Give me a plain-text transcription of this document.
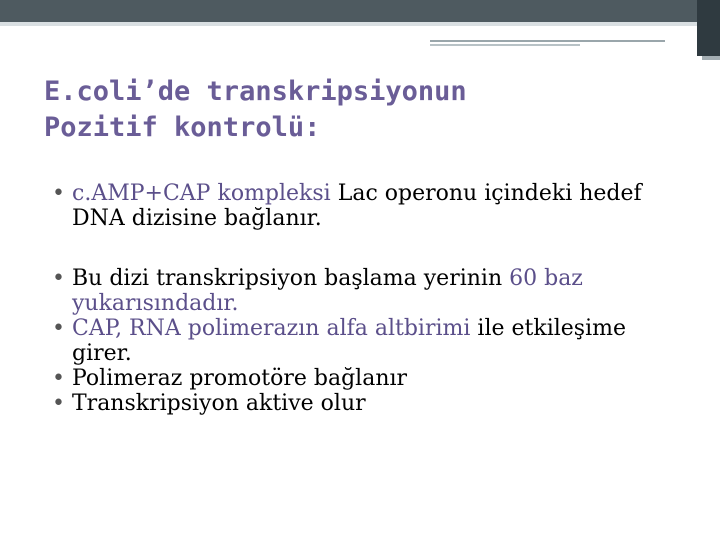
E.coli’de transkripsiyonun
Pozitif kontrolü:
• c.AMP+CAP kompleksi Lac operonu içindeki hedef DNA dizisine bağlanır.
• Bu dizi transkripsiyon başlama yerinin 60 baz yukarısındadır.
• CAP, RNA polimerazın alfa altbirimi ile etkileşime girer.
• Polimeraz promotöre bağlanır
• Transkripsiyon aktive olur
